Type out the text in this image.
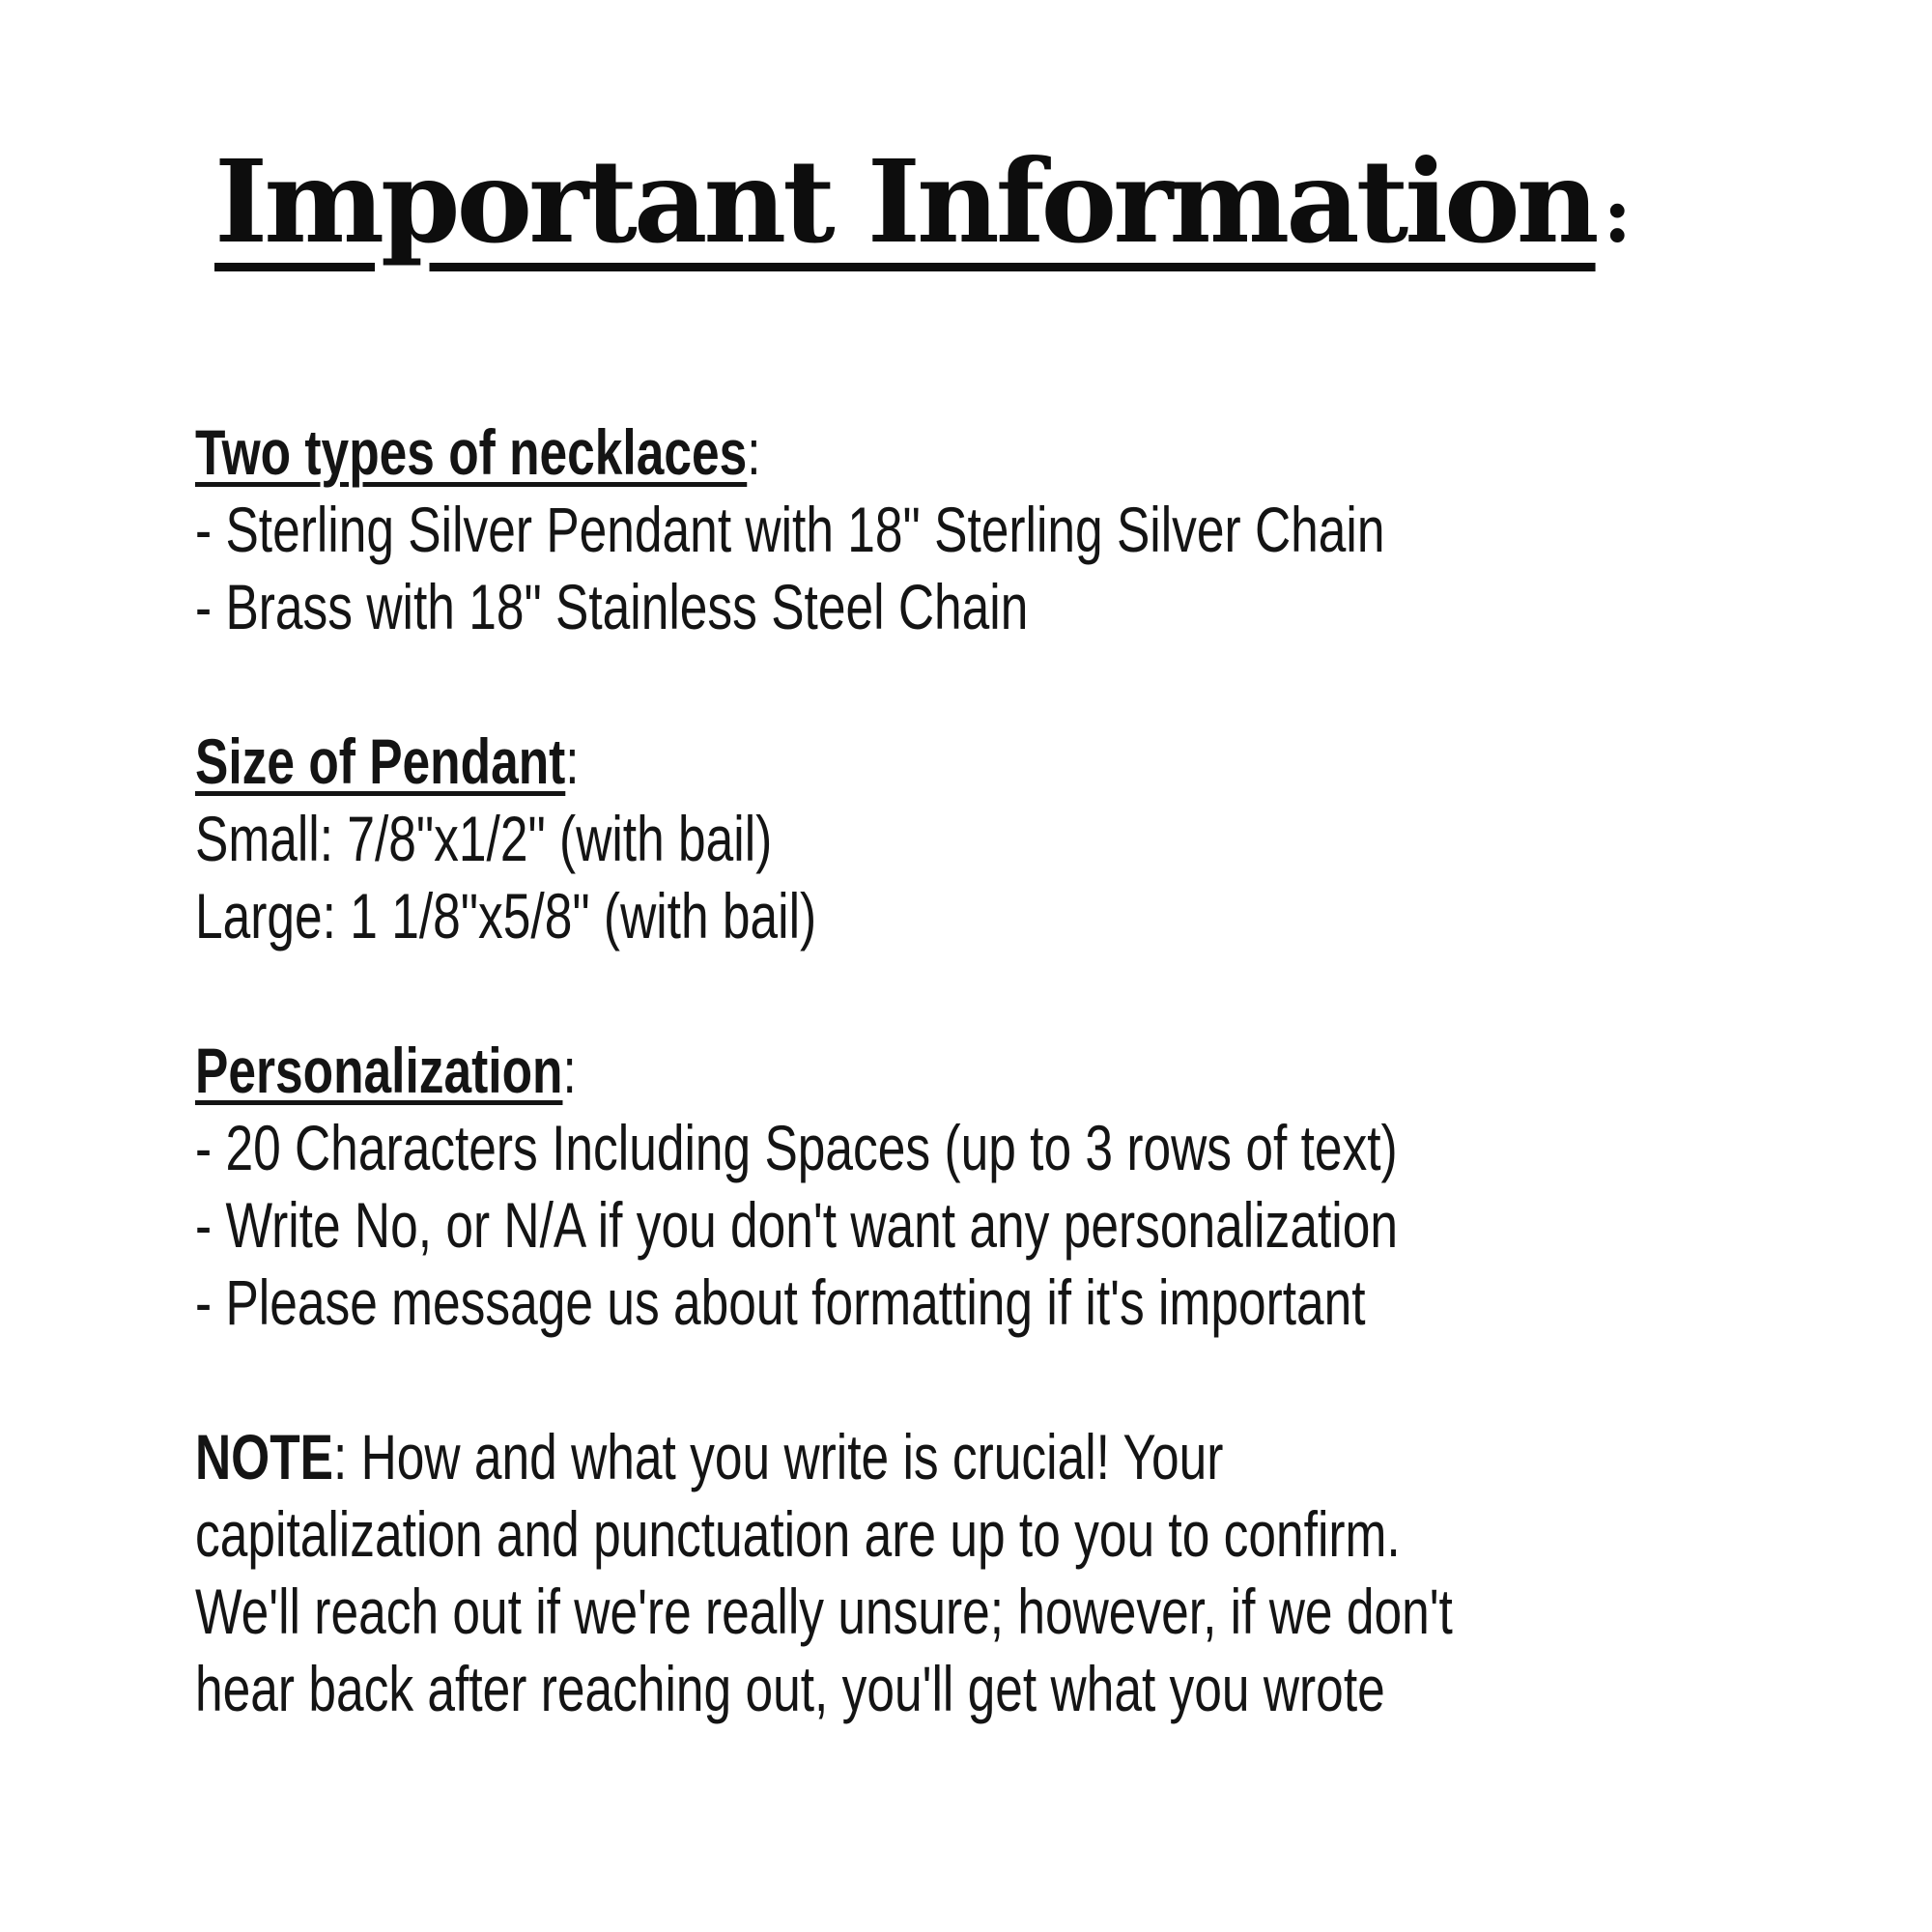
Important Information :
Two types of necklaces:
- Sterling Silver Pendant with 18" Sterling Silver Chain
- Brass with 18" Stainless Steel Chain
Size of Pendant:
Small: 7/8"x1/2" (with bail)
Large: 1 1/8"x5/8" (with bail)
Personalization:
- 20 Characters Including Spaces (up to 3 rows of text)
- Write No, or N/A if you don't want any personalization
- Please message us about formatting if it's important
NOTE: How and what you write is crucial! Your
capitalization and punctuation are up to you to confirm.
We'll reach out if we're really unsure; however, if we don't
hear back after reaching out, you'll get what you wrote
